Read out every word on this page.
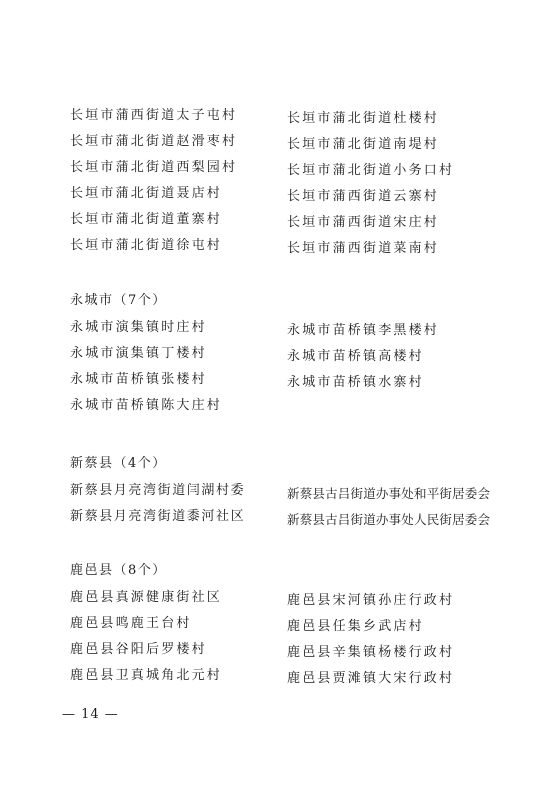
长垣市蒲西街道太子屯村
长垣市蒲北街道赵滑枣村
长垣市蒲北街道西梨园村
长垣市蒲北街道聂店村
长垣市蒲北街道董寨村
长垣市蒲北街道徐屯村
长垣市蒲北街道杜楼村
长垣市蒲北街道南堤村
长垣市蒲北街道小务口村
长垣市蒲西街道云寨村
长垣市蒲西街道宋庄村
长垣市蒲西街道菜南村
永城市（7个）
永城市演集镇时庄村
永城市演集镇丁楼村
永城市苗桥镇张楼村
永城市苗桥镇陈大庄村
永城市苗桥镇李黑楼村
永城市苗桥镇高楼村
永城市苗桥镇水寨村
新蔡县（4个）
新蔡县月亮湾街道闫湖村委
新蔡县月亮湾街道黍河社区
新蔡县古吕街道办事处和平街居委会
新蔡县古吕街道办事处人民街居委会
鹿邑县（8个）
鹿邑县真源健康街社区
鹿邑县鸣鹿王台村
鹿邑县谷阳后罗楼村
鹿邑县卫真城角北元村
鹿邑县宋河镇孙庄行政村
鹿邑县任集乡武店村
鹿邑县辛集镇杨楼行政村
鹿邑县贾滩镇大宋行政村
— 14 —
